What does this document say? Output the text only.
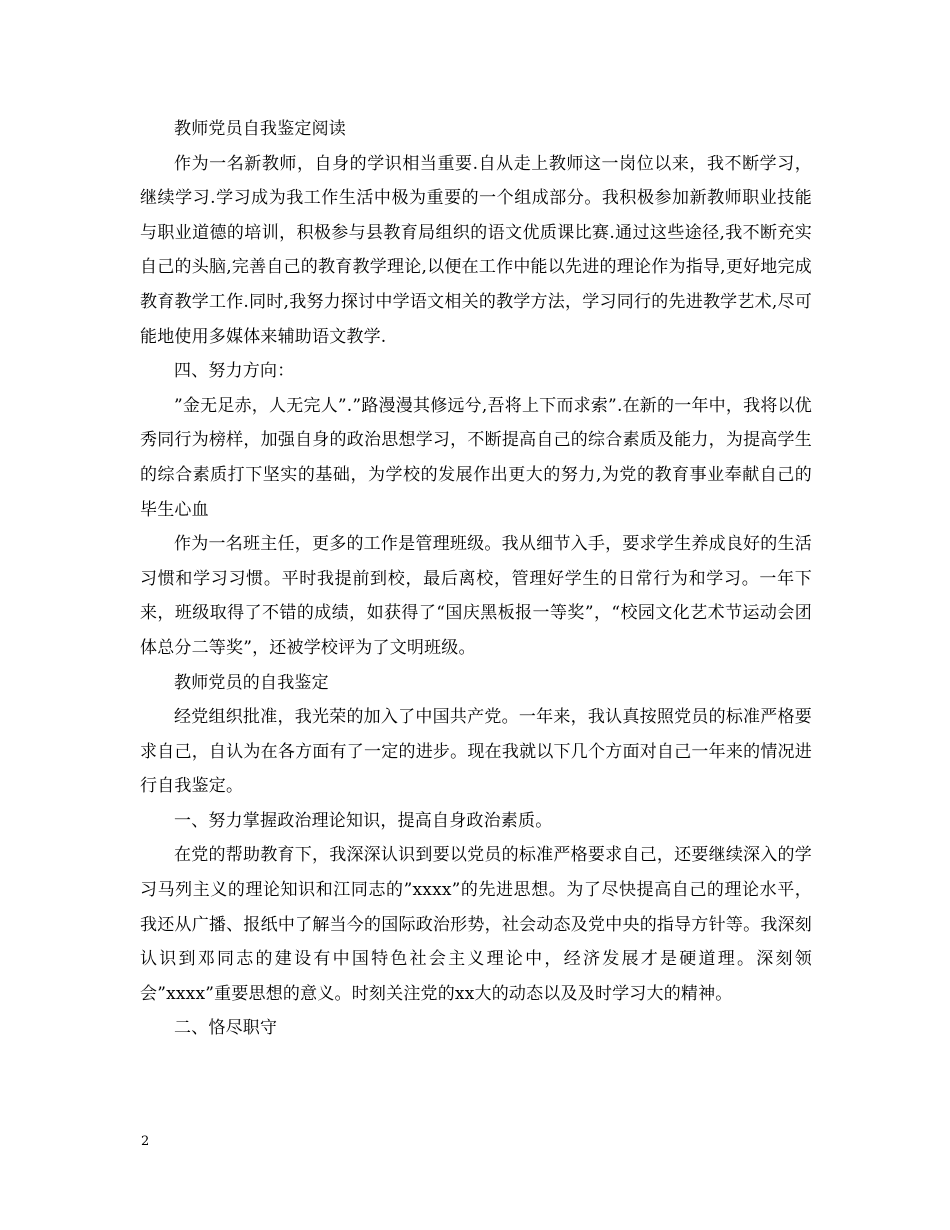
教师党员自我鉴定阅读

作为一名新教师，自身的学识相当重要.自从走上教师这一岗位以来，我不断学习，继续学习.学习成为我工作生活中极为重要的一个组成部分。我积极参加新教师职业技能与职业道德的培训，积极参与县教育局组织的语文优质课比赛.通过这些途径,我不断充实自己的头脑,完善自己的教育教学理论,以便在工作中能以先进的理论作为指导,更好地完成教育教学工作.同时,我努力探讨中学语文相关的教学方法，学习同行的先进教学艺术,尽可能地使用多媒体来辅助语文教学.

四、努力方向：

”金无足赤，人无完人”.”路漫漫其修远兮,吾将上下而求索”.在新的一年中，我将以优秀同行为榜样，加强自身的政治思想学习，不断提高自己的综合素质及能力，为提高学生的综合素质打下坚实的基础，为学校的发展作出更大的努力,为党的教育事业奉献自己的毕生心血

作为一名班主任，更多的工作是管理班级。我从细节入手，要求学生养成良好的生活习惯和学习习惯。平时我提前到校，最后离校，管理好学生的日常行为和学习。一年下来，班级取得了不错的成绩，如获得了“国庆黑板报一等奖”，“校园文化艺术节运动会团体总分二等奖”，还被学校评为了文明班级。

教师党员的自我鉴定

经党组织批准，我光荣的加入了中国共产党。一年来，我认真按照党员的标准严格要求自己，自认为在各方面有了一定的进步。现在我就以下几个方面对自己一年来的情况进行自我鉴定。

一、努力掌握政治理论知识，提高自身政治素质。

在党的帮助教育下，我深深认识到要以党员的标准严格要求自己，还要继续深入的学习马列主义的理论知识和江同志的”xxxx”的先进思想。为了尽快提高自己的理论水平，我还从广播、报纸中了解当今的国际政治形势，社会动态及党中央的指导方针等。我深刻认识到邓同志的建设有中国特色社会主义理论中，经济发展才是硬道理。深刻领会”xxxx”重要思想的意义。时刻关注党的xx大的动态以及及时学习大的精神。

二、恪尽职守

2
